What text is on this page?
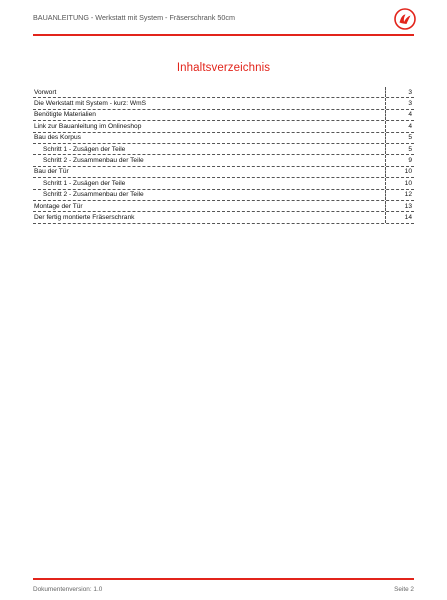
BAUANLEITUNG - Werkstatt mit System - Fräserschrank 50cm
Inhaltsverzeichnis
Vorwort	3
Die Werkstatt mit System - kurz: WmS	3
Benötigte Materialien	4
Link zur Bauanleitung im Onlineshop	4
Bau des Korpus	5
Schritt 1 - Zusägen der Teile	5
Schritt 2 - Zusammenbau der Teile	9
Bau der Tür	10
Schritt 1 - Zusägen der Teile	10
Schritt 2 - Zusammenbau der Teile	12
Montage der Tür	13
Der fertig montierte Fräserschrank	14
Dokumentenversion: 1.0	Seite 2
